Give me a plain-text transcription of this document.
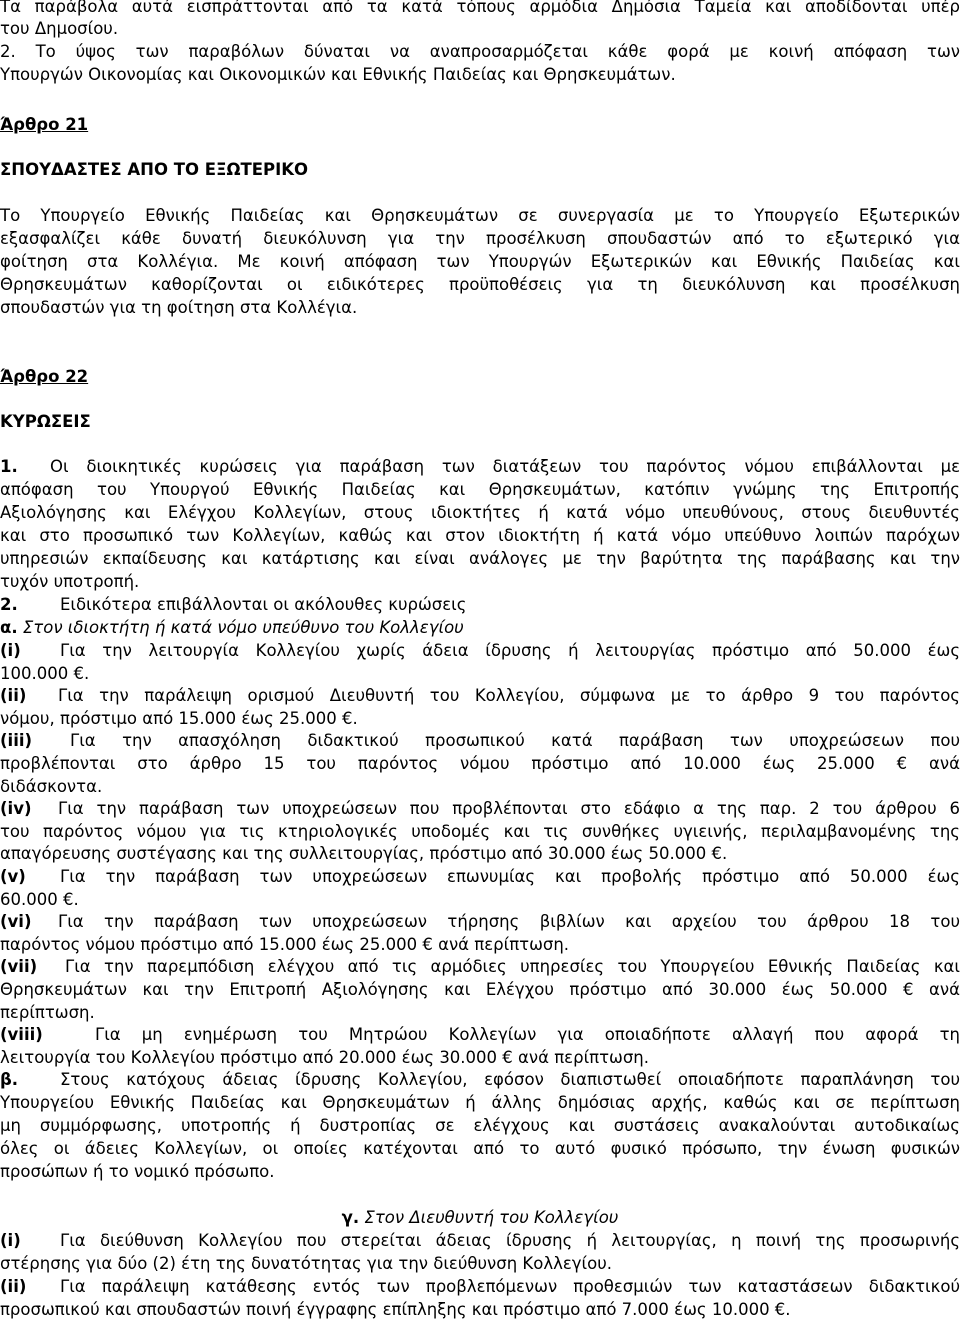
Τα παράβολα αυτά εισπράττονται από τα κατά τόπους αρμόδια Δημόσια Ταμεία και αποδίδονται υπέρ
του Δημοσίου.
2. Το ύψος των παραβόλων δύναται να αναπροσαρμόζεται κάθε φορά με κοινή απόφαση των
Υπουργών Οικονομίας και Οικονομικών και Εθνικής Παιδείας και Θρησκευμάτων.
Άρθρο 21
ΣΠΟΥΔΑΣΤΕΣ ΑΠΟ ΤΟ ΕΞΩΤΕΡΙΚΟ
Το Υπουργείο Εθνικής Παιδείας και Θρησκευμάτων σε συνεργασία με το Υπουργείο Εξωτερικών
εξασφαλίζει κάθε δυνατή διευκόλυνση για την προσέλκυση σπουδαστών από το εξωτερικό για
φοίτηση στα Κολλέγια. Με κοινή απόφαση των Υπουργών Εξωτερικών και Εθνικής Παιδείας και
Θρησκευμάτων καθορίζονται οι ειδικότερες προϋποθέσεις για τη διευκόλυνση και προσέλκυση
σπουδαστών για τη φοίτηση στα Κολλέγια.
Άρθρο 22
ΚΥΡΩΣΕΙΣ
1. Οι διοικητικές κυρώσεις για παράβαση των διατάξεων του παρόντος νόμου επιβάλλονται με
απόφαση του Υπουργού Εθνικής Παιδείας και Θρησκευμάτων, κατόπιν γνώμης της Επιτροπής
Αξιολόγησης και Ελέγχου Κολλεγίων, στους ιδιοκτήτες ή κατά νόμο υπευθύνους, στους διευθυντές
και στο προσωπικό των Κολλεγίων, καθώς και στον ιδιοκτήτη ή κατά νόμο υπεύθυνο λοιπών παρόχων
υπηρεσιών εκπαίδευσης και κατάρτισης και είναι ανάλογες με την βαρύτητα της παράβασης και την
τυχόν υποτροπή.
2.	Ειδικότερα επιβάλλονται οι ακόλουθες κυρώσεις
α. Στον ιδιοκτήτη ή κατά νόμο υπεύθυνο του Κολλεγίου
(i) Για την λειτουργία Κολλεγίου χωρίς άδεια ίδρυσης ή λειτουργίας πρόστιμο από 50.000 έως
100.000 €.
(ii) Για την παράλειψη ορισμού Διευθυντή του Κολλεγίου, σύμφωνα με το άρθρο 9 του παρόντος
νόμου, πρόστιμο από 15.000 έως 25.000 €.
(iii) Για την απασχόληση διδακτικού προσωπικού κατά παράβαση των υποχρεώσεων που
προβλέπονται στο άρθρο 15 του παρόντος νόμου πρόστιμο από 10.000 έως 25.000 € ανά
διδάσκοντα.
(iv) Για την παράβαση των υποχρεώσεων που προβλέπονται στο εδάφιο α της παρ. 2 του άρθρου 6
του παρόντος νόμου για τις κτηριολογικές υποδομές και τις συνθήκες υγιεινής, περιλαμβανομένης της
απαγόρευσης συστέγασης και της συλλειτουργίας, πρόστιμο από 30.000 έως 50.000 €.
(v) Για την παράβαση των υποχρεώσεων επωνυμίας και προβολής πρόστιμο από 50.000 έως
60.000 €.
(vi) Για την παράβαση των υποχρεώσεων τήρησης βιβλίων και αρχείου του άρθρου 18 του
παρόντος νόμου πρόστιμο από 15.000 έως 25.000 € ανά περίπτωση.
(vii) Για την παρεμπόδιση ελέγχου από τις αρμόδιες υπηρεσίες του Υπουργείου Εθνικής Παιδείας και
Θρησκευμάτων και την Επιτροπή Αξιολόγησης και Ελέγχου πρόστιμο από 30.000 έως 50.000 € ανά
περίπτωση.
(viii)	Για μη ενημέρωση του Μητρώου Κολλεγίων για οποιαδήποτε αλλαγή που αφορά τη
λειτουργία του Κολλεγίου πρόστιμο από 20.000 έως 30.000 € ανά περίπτωση.
β.	Στους κατόχους άδειας ίδρυσης Κολλεγίου, εφόσον διαπιστωθεί οποιαδήποτε παραπλάνηση του
Υπουργείου Εθνικής Παιδείας και Θρησκευμάτων ή άλλης δημόσιας αρχής, καθώς και σε περίπτωση
μη συμμόρφωσης, υποτροπής ή δυστροπίας σε ελέγχους και συστάσεις ανακαλούνται αυτοδικαίως
όλες οι άδειες Κολλεγίων, οι οποίες κατέχονται από το αυτό φυσικό πρόσωπο, την ένωση φυσικών
προσώπων ή το νομικό πρόσωπο.
γ. Στον Διευθυντή του Κολλεγίου
(i) Για διεύθυνση Κολλεγίου που στερείται άδειας ίδρυσης ή λειτουργίας, η ποινή της προσωρινής
στέρησης για δύο (2) έτη της δυνατότητας για την διεύθυνση Κολλεγίου.
(ii) Για παράλειψη κατάθεσης εντός των προβλεπόμενων προθεσμιών των καταστάσεων διδακτικού
προσωπικού και σπουδαστών ποινή έγγραφης επίπληξης και πρόστιμο από 7.000 έως 10.000 €.
